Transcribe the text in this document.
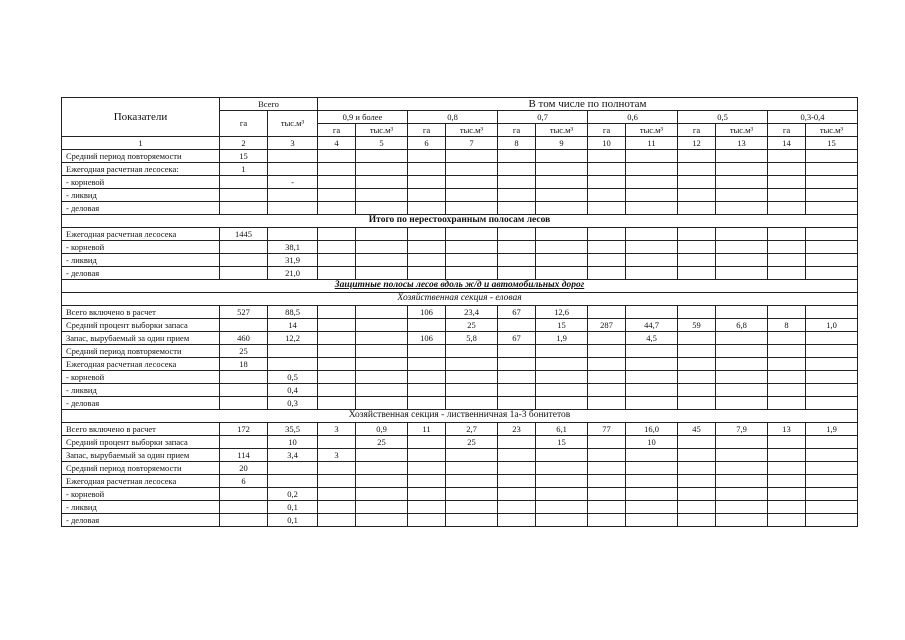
Показатели	Всего		В том числе по полнотам											
	га	тыс.м³	0,9 и более		0,8		0,7		0,6		0,5		0,3-0,4	
			га	тыс.м³	га	тыс.м³	га	тыс.м³	га	тыс.м³	га	тыс.м³	га	тыс.м³
1	2	3	4	5	6	7	8	9	10	11	12	13	14	15
Средний период повторяемости	15													
Ежегодная расчетная лесосека:	1													
- корневой		-												
- ликвид														
- деловая														
Итого по нерестоохранным полосам лесов														
Ежегодная расчетная лесосека	1445													
- корневой		38,1												
- ликвид		31,9												
- деловая		21,0												
Защитные полосы лесов вдоль ж/д и автомобильных дорог														
Хозяйственная секция - еловая														
Всего включено в расчет	527	88,5			106	23,4	67	12,6						
Средний процент выборки запаса		14				25		15	287	44,7	59	6,8	8	1,0
Запас, вырубаемый за один прием	460	12,2			106	5,8	67	1,9		4,5				
Средний период повторяемости	25													
Ежегодная расчетная лесосека	18													
- корневой		0,5												
- ликвид		0,4												
- деловая		0,3												
Хозяйственная секция - лиственничная 1а-3 бонитетов														
Всего включено в расчет	172	35,5	3	0,9	11	2,7	23	6,1	77	16,0	45	7,9	13	1,9
Средний процент выборки запаса		10		25		25		15		10				
Запас, вырубаемый за один прием	114	3,4	3											
Средний период повторяемости	20													
Ежегодная расчетная лесосека	6													
- корневой		0,2												
- ликвид		0,1												
- деловая		0,1												
